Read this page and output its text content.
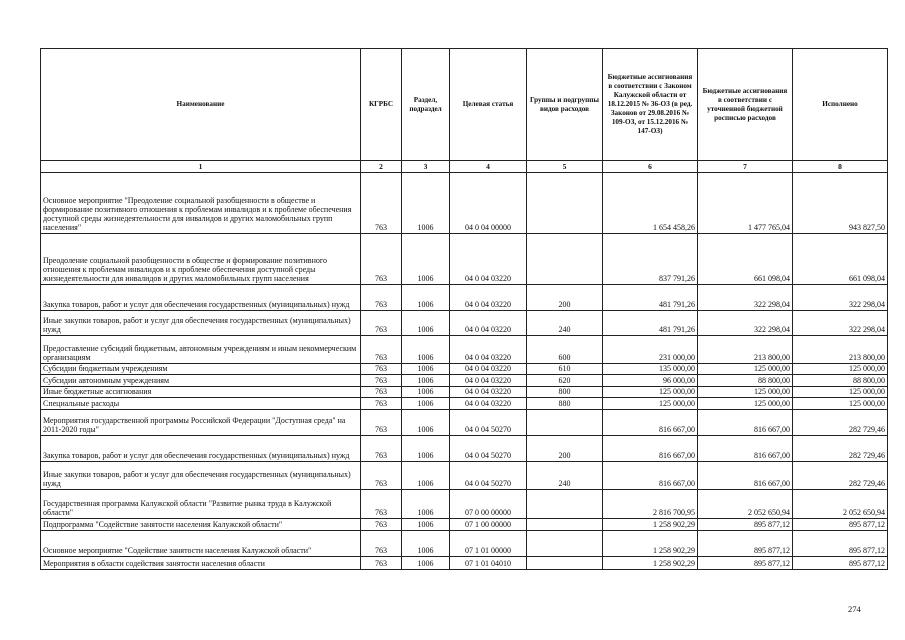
Наименование	КГРБС	Раздел, подраздел	Целевая статья	Группы и подгруппы видов расходов	Бюджетные ассигнования в соответствии с Законом Калужской области от 18.12.2015 № 36-ОЗ (в ред. Законов от 29.08.2016 № 109-ОЗ, от 15.12.2016 № 147-ОЗ)	Бюджетные ассигнования в соответствии с уточненной бюджетной росписью расходов	Исполнено
1	2	3	4	5	6	7	8
Основное мероприятие "Преодоление социальной разобщенности в обществе и формирование позитивного отношения к проблемам инвалидов и к проблеме обеспечения доступной среды жизнедеятельности для инвалидов и других маломобильных групп населения"	763	1006	04 0 04 00000		1 654 458,26	1 477 765,04	943 827,50
Преодоление социальной разобщенности в обществе и формирование позитивного отношения к проблемам инвалидов и к проблеме обеспечения доступной среды жизнедеятельности для инвалидов и других маломобильных групп населения	763	1006	04 0 04 03220		837 791,26	661 098,04	661 098,04
Закупка товаров, работ и услуг для обеспечения государственных (муниципальных) нужд	763	1006	04 0 04 03220	200	481 791,26	322 298,04	322 298,04
Иные закупки товаров, работ и услуг для обеспечения государственных (муниципальных) нужд	763	1006	04 0 04 03220	240	481 791,26	322 298,04	322 298,04
Предоставление субсидий бюджетным, автономным учреждениям и иным некоммерческим организациям	763	1006	04 0 04 03220	600	231 000,00	213 800,00	213 800,00
Субсидии бюджетным учреждениям	763	1006	04 0 04 03220	610	135 000,00	125 000,00	125 000,00
Субсидии автономным учреждениям	763	1006	04 0 04 03220	620	96 000,00	88 800,00	88 800,00
Иные бюджетные ассигнования	763	1006	04 0 04 03220	800	125 000,00	125 000,00	125 000,00
Специальные расходы	763	1006	04 0 04 03220	880	125 000,00	125 000,00	125 000,00
Мероприятия государственной программы Российской Федерации "Доступная среда" на 2011-2020 годы"	763	1006	04 0 04 50270		816 667,00	816 667,00	282 729,46
Закупка товаров, работ и услуг для обеспечения государственных (муниципальных) нужд	763	1006	04 0 04 50270	200	816 667,00	816 667,00	282 729,46
Иные закупки товаров, работ и услуг для обеспечения государственных (муниципальных) нужд	763	1006	04 0 04 50270	240	816 667,00	816 667,00	282 729,46
Государственная программа Калужской области "Развитие рынка труда в Калужской области"	763	1006	07 0 00 00000		2 816 700,95	2 052 650,94	2 052 650,94
Подпрограмма "Содействие занятости населения Калужской области"	763	1006	07 1 00 00000		1 258 902,29	895 877,12	895 877,12
Основное мероприятие "Содействие занятости населения Калужской области"	763	1006	07 1 01 00000		1 258 902,29	895 877,12	895 877,12
Мероприятия в области содействия занятости населения области	763	1006	07 1 01 04010		1 258 902,29	895 877,12	895 877,12
274
